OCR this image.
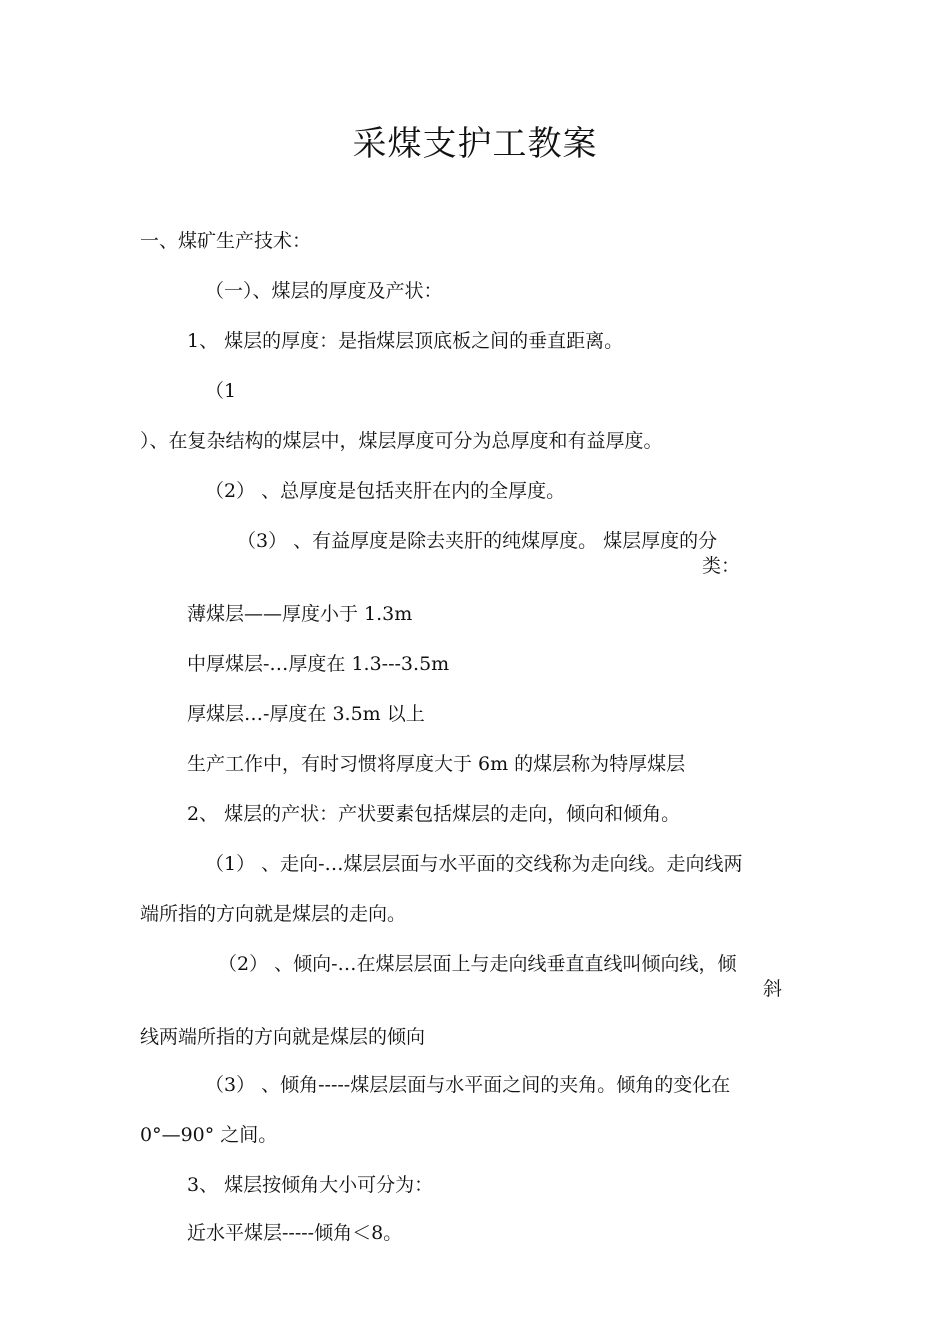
采煤支护工教案
一、煤矿生产技术：
（一）、煤层的厚度及产状：
1、 煤层的厚度：是指煤层顶底板之间的垂直距离。
（1
）、在复杂结构的煤层中，煤层厚度可分为总厚度和有益厚度。
（2） 、总厚度是包括夹肝在内的全厚度。
（3） 、有益厚度是除去夹肝的纯煤厚度。 煤层厚度的分
类：
薄煤层——厚度小于 1.3m
中厚煤层-…厚度在 1.3---3.5m
厚煤层…-厚度在 3.5m 以上
生产工作中，有时习惯将厚度大于 6m 的煤层称为特厚煤层
2、 煤层的产状：产状要素包括煤层的走向，倾向和倾角。
（1） 、走向-…煤层层面与水平面的交线称为走向线。走向线两
端所指的方向就是煤层的走向。
（2） 、倾向-…在煤层层面上与走向线垂直直线叫倾向线，倾
斜
线两端所指的方向就是煤层的倾向
（3） 、倾角-----煤层层面与水平面之间的夹角。倾角的变化在
0°—90° 之间。
3、 煤层按倾角大小可分为：
近水平煤层-----倾角＜8。
